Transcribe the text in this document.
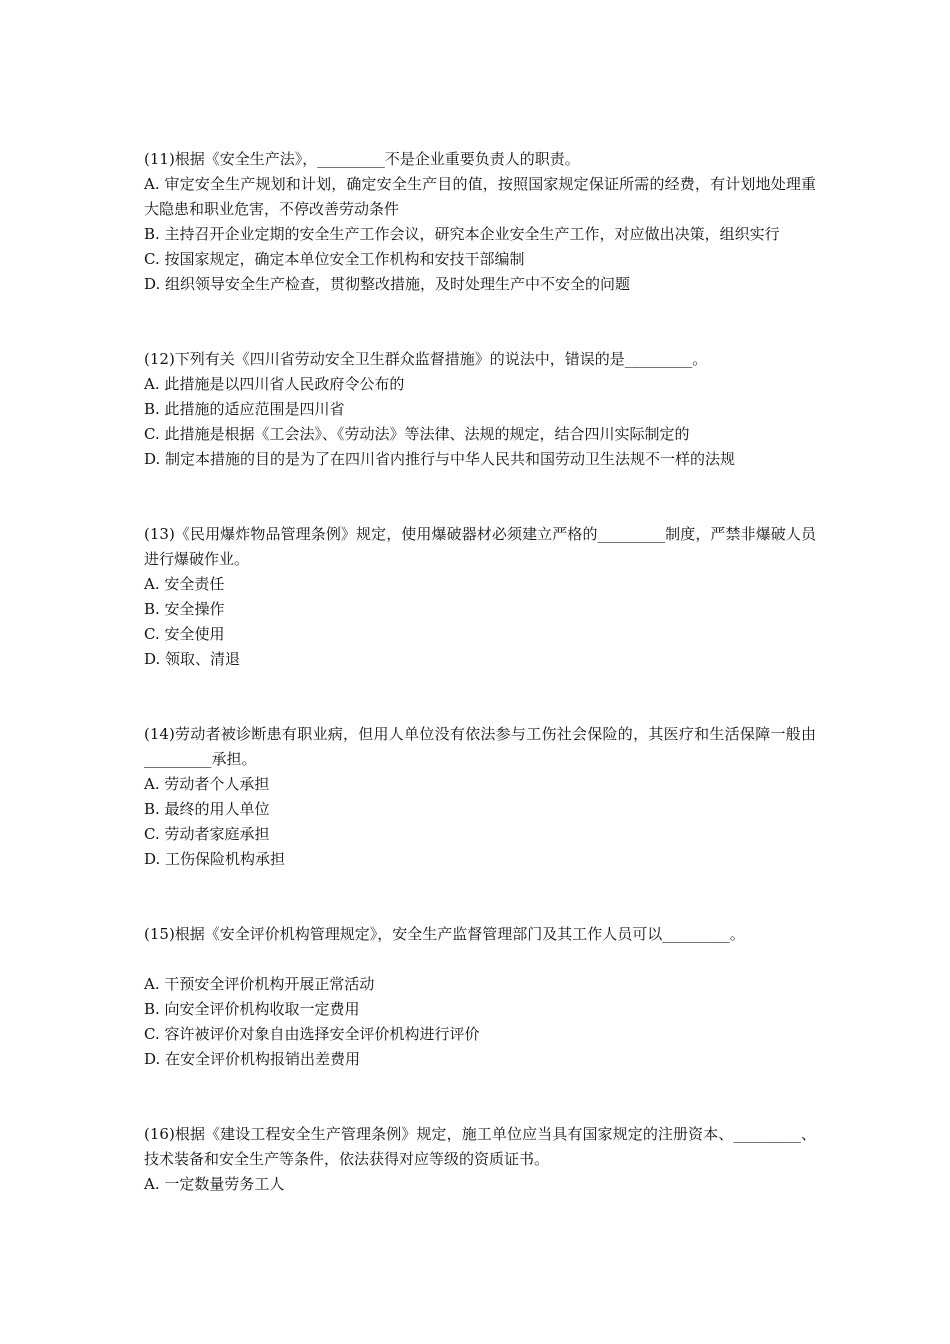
(11)根据《安全生产法》，_________不是企业重要负责人的职责。

A. 审定安全生产规划和计划，确定安全生产目的值，按照国家规定保证所需的经费，有计划地处理重大隐患和职业危害，不停改善劳动条件

B. 主持召开企业定期的安全生产工作会议，研究本企业安全生产工作，对应做出决策，组织实行

C. 按国家规定，确定本单位安全工作机构和安技干部编制

D. 组织领导安全生产检查，贯彻整改措施，及时处理生产中不安全的问题

(12)下列有关《四川省劳动安全卫生群众监督措施》的说法中，错误的是_________。

A. 此措施是以四川省人民政府令公布的

B. 此措施的适应范围是四川省

C. 此措施是根据《工会法》、《劳动法》等法律、法规的规定，结合四川实际制定的

D. 制定本措施的目的是为了在四川省内推行与中华人民共和国劳动卫生法规不一样的法规

(13)《民用爆炸物品管理条例》规定，使用爆破器材必须建立严格的_________制度，严禁非爆破人员进行爆破作业。

A. 安全责任

B. 安全操作

C. 安全使用

D. 领取、清退

(14)劳动者被诊断患有职业病，但用人单位没有依法参与工伤社会保险的，其医疗和生活保障一般由_________承担。

A. 劳动者个人承担

B. 最终的用人单位

C. 劳动者家庭承担

D. 工伤保险机构承担

(15)根据《安全评价机构管理规定》，安全生产监督管理部门及其工作人员可以_________。

A. 干预安全评价机构开展正常活动

B. 向安全评价机构收取一定费用

C. 容许被评价对象自由选择安全评价机构进行评价

D. 在安全评价机构报销出差费用

(16)根据《建设工程安全生产管理条例》规定，施工单位应当具有国家规定的注册资本、_________、技术装备和安全生产等条件，依法获得对应等级的资质证书。

A. 一定数量劳务工人
